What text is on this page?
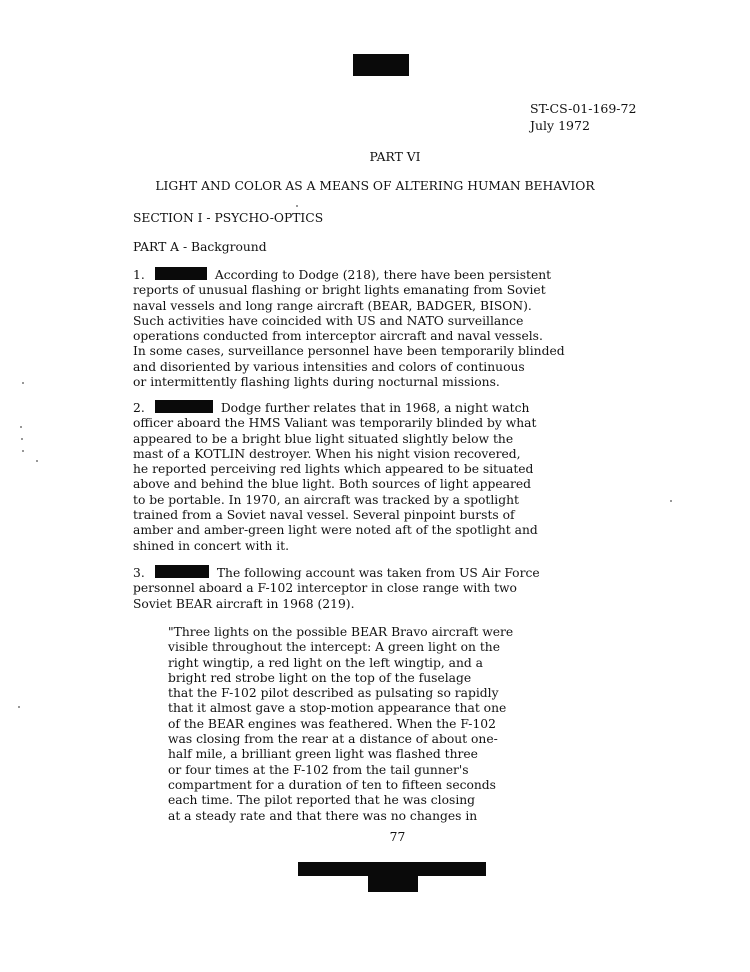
ST-CS-01-169-72
July 1972
PART VI
LIGHT AND COLOR AS A MEANS OF ALTERING HUMAN BEHAVIOR
SECTION I - PSYCHO-OPTICS
PART A - Background
1.	According to Dodge (218), there have been persistent
reports of unusual flashing or bright lights emanating from Soviet
naval vessels and long range aircraft (BEAR, BADGER, BISON).
Such activities have coincided with US and NATO surveillance
operations conducted from interceptor aircraft and naval vessels.
In some cases, surveillance personnel have been temporarily blinded
and disoriented by various intensities and colors of continuous
or intermittently flashing lights during nocturnal missions.
2.	Dodge further relates that in 1968, a night watch
officer aboard the HMS Valiant was temporarily blinded by what
appeared to be a bright blue light situated slightly below the
mast of a KOTLIN destroyer. When his night vision recovered,
he reported perceiving red lights which appeared to be situated
above and behind the blue light. Both sources of light appeared
to be portable. In 1970, an aircraft was tracked by a spotlight
trained from a Soviet naval vessel. Several pinpoint bursts of
amber and amber-green light were noted aft of the spotlight and
shined in concert with it.
3.	The following account was taken from US Air Force
personnel aboard a F-102 interceptor in close range with two
Soviet BEAR aircraft in 1968 (219).
"Three lights on the possible BEAR Bravo aircraft were
visible throughout the intercept: A green light on the
right wingtip, a red light on the left wingtip, and a
bright red strobe light on the top of the fuselage
that the F-102 pilot described as pulsating so rapidly
that it almost gave a stop-motion appearance that one
of the BEAR engines was feathered. When the F-102
was closing from the rear at a distance of about one-
half mile, a brilliant green light was flashed three
or four times at the F-102 from the tail gunner's
compartment for a duration of ten to fifteen seconds
each time. The pilot reported that he was closing
at a steady rate and that there was no changes in
77
